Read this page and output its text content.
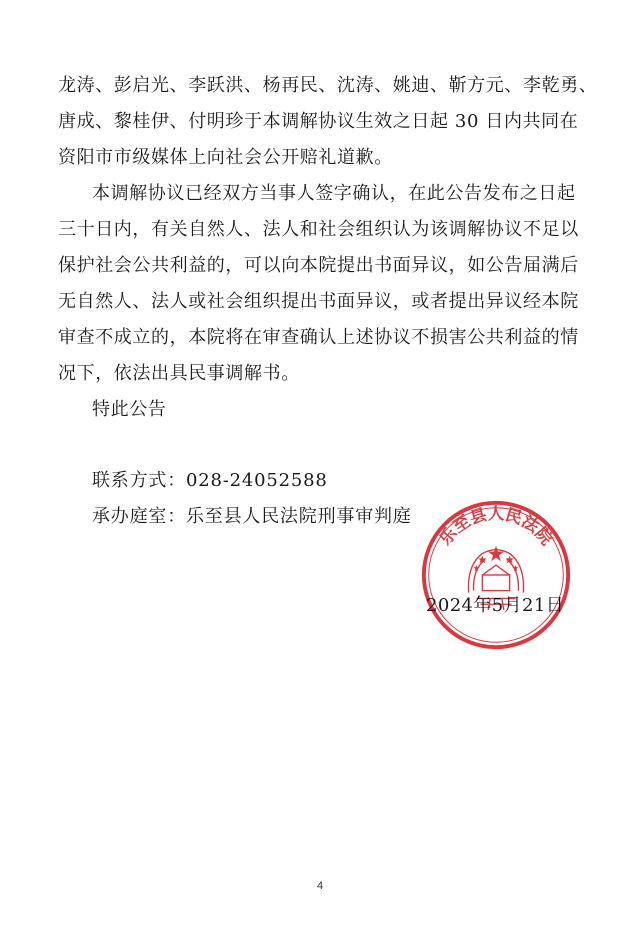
龙涛、彭启光、李跃洪、杨再民、沈涛、姚迪、靳方元、李乾勇、
唐成、黎桂伊、付明珍于本调解协议生效之日起 30 日内共同在
资阳市市级媒体上向社会公开赔礼道歉。
本调解协议已经双方当事人签字确认，在此公告发布之日起
三十日内，有关自然人、法人和社会组织认为该调解协议不足以
保护社会公共利益的，可以向本院提出书面异议，如公告届满后
无自然人、法人或社会组织提出书面异议，或者提出异议经本院
审查不成立的，本院将在审查确认上述协议不损害公共利益的情
况下，依法出具民事调解书。
特此公告
联系方式：028-24052588
承办庭室：乐至县人民法院刑事审判庭
2024年5月21日
乐至县人民法院
4
